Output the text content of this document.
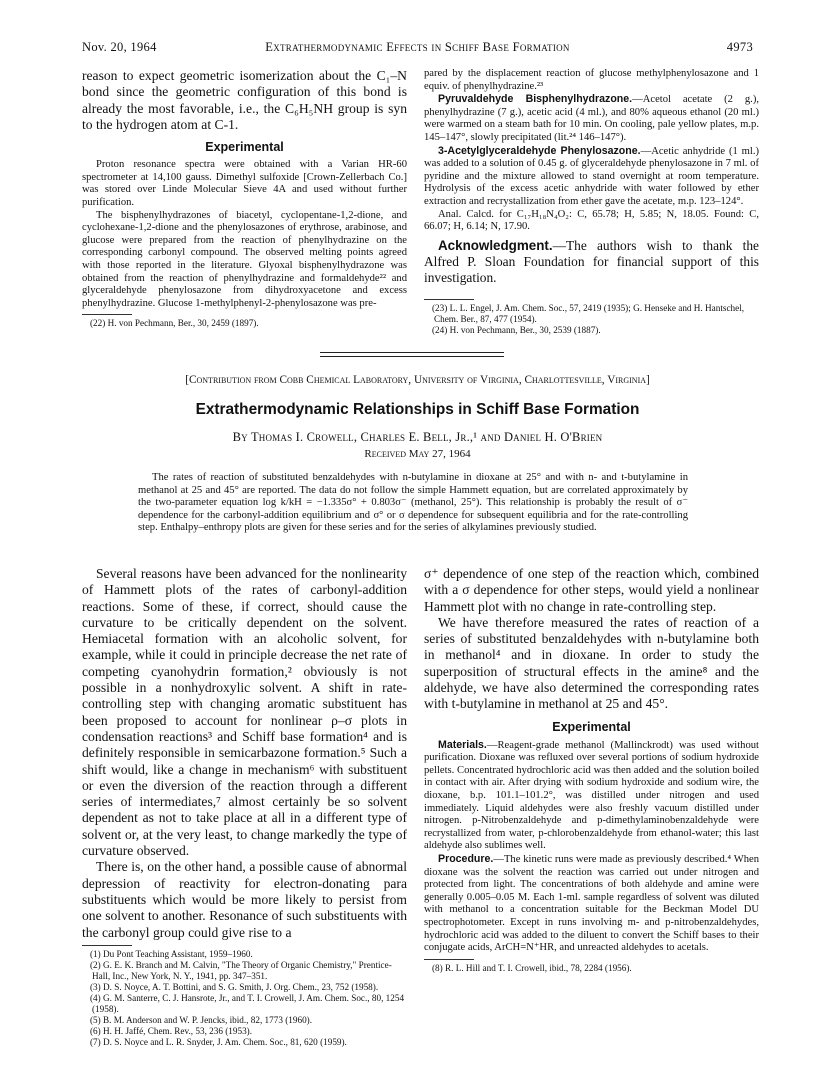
Nov. 20, 1964	Extrathermodynamic Effects in Schiff Base Formation	4973

reason to expect geometric isomerization about the C₁–N bond since the geometric configuration of this bond is already the most favorable, i.e., the C₆H₅NH group is syn to the hydrogen atom at C-1.

Experimental

Proton resonance spectra were obtained with a Varian HR-60 spectrometer at 14,100 gauss. Dimethyl sulfoxide [Crown-Zellerbach Co.] was stored over Linde Molecular Sieve 4A and used without further purification.

The bisphenylhydrazones of biacetyl, cyclopentane-1,2-dione, and cyclohexane-1,2-dione and the phenylosazones of erythrose, arabinose, and glucose were prepared from the reaction of phenylhydrazine on the corresponding carbonyl compound. The observed melting points agreed with those reported in the literature. Glyoxal bisphenylhydrazone was obtained from the reaction of phenylhydrazine and formaldehyde²² and glyceraldehyde phenylosazone from dihydroxyacetone and excess phenylhydrazine. Glucose 1-methylphenyl-2-phenylosazone was pre-

(22) H. von Pechmann, Ber., 30, 2459 (1897).

pared by the displacement reaction of glucose methylphenylosazone and 1 equiv. of phenylhydrazine.²³

Pyruvaldehyde Bisphenylhydrazone.—Acetol acetate (2 g.), phenylhydrazine (7 g.), acetic acid (4 ml.), and 80% aqueous ethanol (20 ml.) were warmed on a steam bath for 10 min. On cooling, pale yellow plates, m.p. 145–147°, slowly precipitated (lit.²⁴ 146–147°).

3-Acetylglyceraldehyde Phenylosazone.—Acetic anhydride (1 ml.) was added to a solution of 0.45 g. of glyceraldehyde phenylosazone in 7 ml. of pyridine and the mixture allowed to stand overnight at room temperature. Hydrolysis of the excess acetic anhydride with water followed by ether extraction and recrystallization from ether gave the acetate, m.p. 123–124°.

Anal. Calcd. for C₁₇H₁₈N₄O₂: C, 65.78; H, 5.85; N, 18.05. Found: C, 66.07; H, 6.14; N, 17.90.

Acknowledgment.—The authors wish to thank the Alfred P. Sloan Foundation for financial support of this investigation.

(23) L. L. Engel, J. Am. Chem. Soc., 57, 2419 (1935); G. Henseke and H. Hantschel, Chem. Ber., 87, 477 (1954).

(24) H. von Pechmann, Ber., 30, 2539 (1887).

[Contribution from Cobb Chemical Laboratory, University of Virginia, Charlottesville, Virginia]
Extrathermodynamic Relationships in Schiff Base Formation
By Thomas I. Crowell, Charles E. Bell, Jr.,¹ and Daniel H. O'Brien
Received May 27, 1964

The rates of reaction of substituted benzaldehydes with n-butylamine in dioxane at 25° and with n- and t-butylamine in methanol at 25 and 45° are reported. The data do not follow the simple Hammett equation, but are correlated approximately by the two-parameter equation log k/kH = −1.335σ° + 0.803σ⁻ (methanol, 25°). This relationship is probably the result of σ⁻ dependence for the carbonyl-addition equilibrium and σ° or σ dependence for subsequent equilibria and for the rate-controlling step. Enthalpy–enthropy plots are given for these series and for the series of alkylamines previously studied.

Several reasons have been advanced for the nonlinearity of Hammett plots of the rates of carbonyl-addition reactions. Some of these, if correct, should cause the curvature to be critically dependent on the solvent. Hemiacetal formation with an alcoholic solvent, for example, while it could in principle decrease the net rate of competing cyanohydrin formation,² obviously is not possible in a nonhydroxylic solvent. A shift in rate-controlling step with changing aromatic substituent has been proposed to account for nonlinear ρ–σ plots in condensation reactions³ and Schiff base formation⁴ and is definitely responsible in semicarbazone formation.⁵ Such a shift would, like a change in mechanism⁶ with substituent or even the diversion of the reaction through a different series of intermediates,⁷ almost certainly be so solvent dependent as not to take place at all in a different type of solvent or, at the very least, to change markedly the type of curvature observed.

There is, on the other hand, a possible cause of abnormal depression of reactivity for electron-donating para substituents which would be more likely to persist from one solvent to another. Resonance of such substituents with the carbonyl group could give rise to a

(1) Du Pont Teaching Assistant, 1959–1960.

(2) G. E. K. Branch and M. Calvin, "The Theory of Organic Chemistry," Prentice-Hall, Inc., New York, N. Y., 1941, pp. 347–351.

(3) D. S. Noyce, A. T. Bottini, and S. G. Smith, J. Org. Chem., 23, 752 (1958).

(4) G. M. Santerre, C. J. Hansrote, Jr., and T. I. Crowell, J. Am. Chem. Soc., 80, 1254 (1958).

(5) B. M. Anderson and W. P. Jencks, ibid., 82, 1773 (1960).

(6) H. H. Jaffé, Chem. Rev., 53, 236 (1953).

(7) D. S. Noyce and L. R. Snyder, J. Am. Chem. Soc., 81, 620 (1959).

σ⁺ dependence of one step of the reaction which, combined with a σ dependence for other steps, would yield a nonlinear Hammett plot with no change in rate-controlling step.

We have therefore measured the rates of reaction of a series of substituted benzaldehydes with n-butylamine both in methanol⁴ and in dioxane. In order to study the superposition of structural effects in the amine⁸ and the aldehyde, we have also determined the corresponding rates with t-butylamine in methanol at 25 and 45°.

Experimental

Materials.—Reagent-grade methanol (Mallinckrodt) was used without purification. Dioxane was refluxed over several portions of sodium hydroxide pellets. Concentrated hydrochloric acid was then added and the solution boiled in contact with air. After drying with sodium hydroxide and sodium wire, the dioxane, b.p. 101.1–101.2°, was distilled under nitrogen and used immediately. Liquid aldehydes were also freshly vacuum distilled under nitrogen. p-Nitrobenzaldehyde and p-dimethylaminobenzaldehyde were recrystallized from water, p-chlorobenzaldehyde from ethanol-water; this last aldehyde also sublimes well.

Procedure.—The kinetic runs were made as previously described.⁴ When dioxane was the solvent the reaction was carried out under nitrogen and protected from light. The concentrations of both aldehyde and amine were generally 0.005–0.05 M. Each 1-ml. sample regardless of solvent was diluted with methanol to a concentration suitable for the Beckman Model DU spectrophotometer. Except in runs involving m- and p-nitrobenzaldehydes, hydrochloric acid was added to the diluent to convert the Schiff bases to their conjugate acids, ArCH=N⁺HR, and unreacted aldehydes to acetals.

(8) R. L. Hill and T. I. Crowell, ibid., 78, 2284 (1956).
